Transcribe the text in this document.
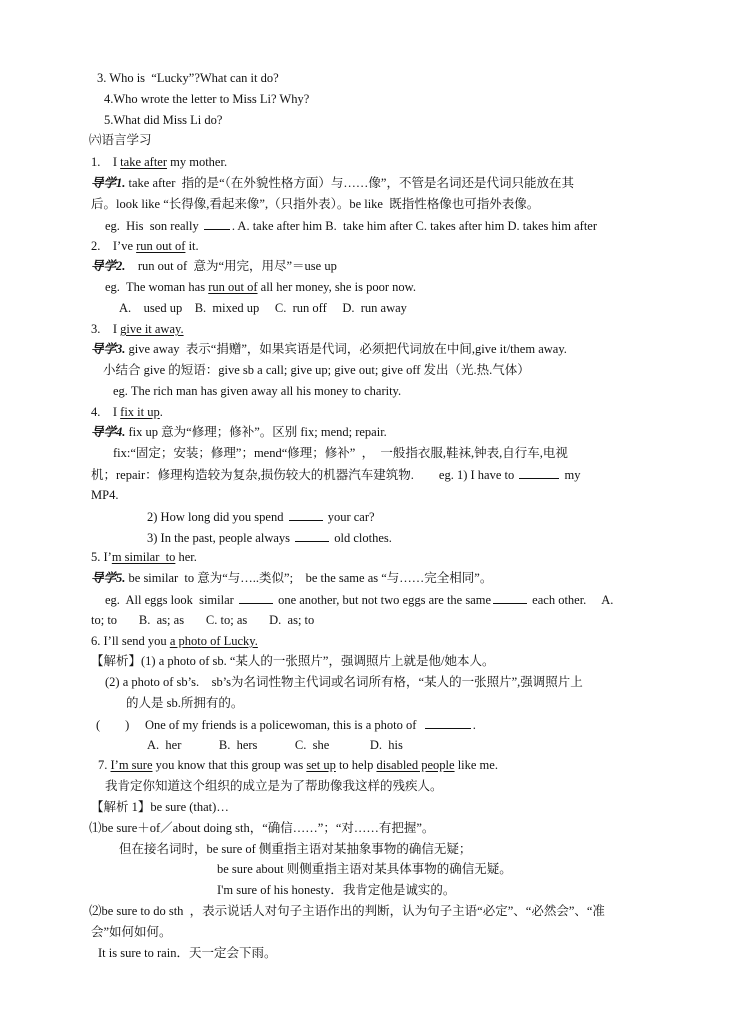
3. Who is  “Lucky”?What can it do?
4.Who wrote the letter to Miss Li? Why?
5.What did Miss Li do?
㈥语言学习
1.    I take after my mother.
导学1. take after  指的是“（在外貌性格方面）与……像”，不管是名词还是代词只能放在其
后。look like “长得像,看起来像”,（只指外表）。be like  既指性格像也可指外表像。
eg.  His  son really . A. take after him B.  take him after C. takes after him D. takes him after
2.    I’ve run out of it.
导学2.    run out of  意为“用完，用尽”＝use up
eg.  The woman has run out of all her money, she is poor now.
A.    used up    B.  mixed up     C.  run off     D.  run away
3.    I give it away.
导学3. give away  表示“捐赠”，如果宾语是代词，必须把代词放在中间,give it/them away.
小结合 give 的短语：give sb a call; give up; give out; give off 发出（光.热.气体）
eg. The rich man has given away all his money to charity.
4.    I fix it up.
导学4. fix up 意为“修理；修补”。区别 fix; mend; repair.
fix:“固定；安装；修理”；mend“修理；修补”  ，  一般指衣服,鞋袜,钟表,自行车,电视
机；repair：修理构造较为复杂,损伤较大的机器汽车建筑物.        eg. 1) I have to	my
MP4.
2) How long did you spend	your car?
3) In the past, people always	old clothes.
5. I’m similar  to her.
导学5. be similar  to 意为“与…..类似”;    be the same as “与……完全相同”。
eg.  All eggs look  similar	one another, but not two eggs are the same	each other.     A.
to; to       B.  as; as       C. to; as       D.  as; to
6. I’ll send you a photo of Lucky.
【解析】(1) a photo of sb. “某人的一张照片”，强调照片上就是他/她本人。
(2) a photo of sb’s.    sb’s为名词性物主代词或名词所有格，“某人的一张照片”,强调照片上
的人是 sb.所拥有的。
(        )     One of my friends is a policewoman, this is a photo of	.
A.  her            B.  hers            C.  she             D.  his
7. I’m sure you know that this group was set up to help disabled people like me.
我肯定你知道这个组织的成立是为了帮助像我这样的残疾人。
【解析 1】be sure (that)…
⑴be sure＋of／about doing sth，“确信……”；“对……有把握”。
但在接名词时，be sure of 侧重指主语对某抽象事物的确信无疑；
be sure about 则侧重指主语对某具体事物的确信无疑。
I'm sure of his honesty．我肯定他是诚实的。
⑵be sure to do sth  ，表示说话人对句子主语作出的判断，认为句子主语“必定”、“必然会”、“准
会”如何如何。
It is sure to rain．天一定会下雨。
